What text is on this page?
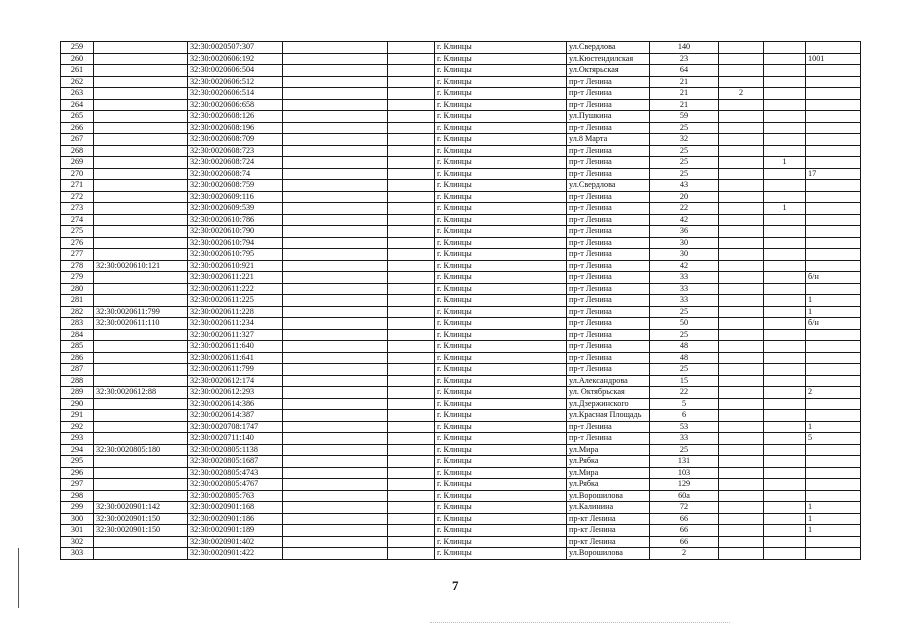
259		32:30:0020507:307			г. Клинцы	ул.Свердлова	140			
260		32:30:0020606:192			г. Клинцы	ул.Кюстендилская	23			1001
261		32:30:0020606:504			г. Клинцы	ул.Октярьская	64			
262		32:30:0020606:512			г. Клинцы	пр-т Ленина	21			
263		32:30:0020606:514			г. Клинцы	пр-т Ленина	21	2		
264		32:30:0020606:658			г. Клинцы	пр-т Ленина	21			
265		32:30:0020608:126			г. Клинцы	ул.Пушкина	59			
266		32:30:0020608:196			г. Клинцы	пр-т Ленина	25			
267		32:30:0020608:709			г. Клинцы	ул.8 Марта	32			
268		32:30:0020608:723			г. Клинцы	пр-т Ленина	25			
269		32:30:0020608:724			г. Клинцы	пр-т Ленина	25		1	
270		32:30:0020608:74			г. Клинцы	пр-т Ленина	25			17
271		32:30:0020608:759			г. Клинцы	ул.Свердлова	43			
272		32:30:0020609:116			г. Клинцы	пр-т Ленина	20			
273		32:30:0020609:539			г. Клинцы	пр-т Ленина	22		1	
274		32:30:0020610:786			г. Клинцы	пр-т Ленина	42			
275		32:30:0020610:790			г. Клинцы	пр-т Ленина	36			
276		32:30:0020610:794			г. Клинцы	пр-т Ленина	30			
277		32:30:0020610:795			г. Клинцы	пр-т Ленина	30			
278	32:30:0020610:121	32:30:0020610:921			г. Клинцы	пр-т Ленина	42			
279		32:30:0020611:221			г. Клинцы	пр-т Ленина	33			б/н
280		32:30:0020611:222			г. Клинцы	пр-т Ленина	33			
281		32:30:0020611:225			г. Клинцы	пр-т Ленина	33			1
282	32:30:0020611:799	32:30:0020611:228			г. Клинцы	пр-т Ленина	25			1
283	32:30:0020611:110	32:30:0020611:234			г. Клинцы	пр-т Ленина	50			б/н
284		32:30:0020611:327			г. Клинцы	пр-т Ленина	25			
285		32:30:0020611:640			г. Клинцы	пр-т Ленина	48			
286		32:30:0020611:641			г. Клинцы	пр-т Ленина	48			
287		32:30:0020611:799			г. Клинцы	пр-т Ленина	25			
288		32:30:0020612:174			г. Клинцы	ул.Александрова	15			
289	32:30:0020612:88	32:30:0020612:293			г. Клинцы	ул. Октябрьская	22			2
290		32:30:0020614:386			г. Клинцы	ул.Дзержинского	5			
291		32:30:0020614:387			г. Клинцы	ул.Красная Площадь	6			
292		32:30:0020708:1747			г. Клинцы	пр-т Ленина	53			1
293		32:30:0020711:140			г. Клинцы	пр-т Ленина	33			5
294	32:30:0020805:180	32:30:0020805:1138			г. Клинцы	ул.Мира	25			
295		32:30:0020805:1687			г. Клинцы	ул.Рябка	131			
296		32:30:0020805:4743			г. Клинцы	ул.Мира	103			
297		32:30:0020805:4767			г. Клинцы	ул.Рябка	129			
298		32:30:0020805:763			г. Клинцы	ул.Ворошилова	60а			
299	32:30:0020901:142	32:30:0020901:168			г. Клинцы	ул.Калинина	72			1
300	32:30:0020901:150	32:30:0020901:186			г. Клинцы	пр-кт Ленина	66			1
301	32:30:0020901:150	32:30:0020901:189			г. Клинцы	пр-кт Ленина	66			1
302		32:30:0020901:402			г. Клинцы	пр-кт Ленина	66			
303		32:30:0020901:422			г. Клинцы	ул.Ворошилова	2			
7
